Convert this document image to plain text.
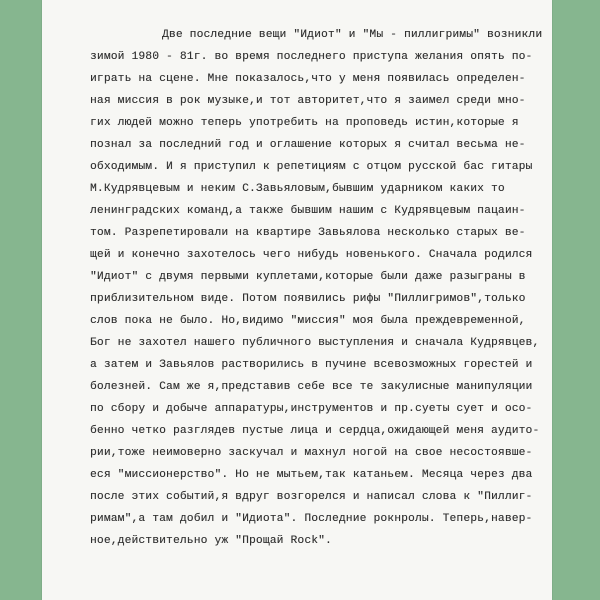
Две последние вещи "Идиот" и "Мы - пиллигримы" возникли
зимой 1980 - 81г. во время последнего приступа желания опять по-
играть на сцене. Мне показалось,что у меня появилась определен-
ная миссия в рок музыке,и тот авторитет,что я заимел среди мно-
гих людей можно теперь употребить на проповедь истин,которые я
познал за последний год и оглашение которых я считал весьма не-
обходимым. И я приступил к репетициям с отцом русской бас гитары
М.Кудрявцевым и неким С.Завьяловым,бывшим ударником каких то
ленинградских команд,а также бывшим нашим с Кудрявцевым пацаин-
том. Разрепетировали на квартире Завьялова несколько старых ве-
щей и конечно захотелось чего нибудь новенького. Сначала родился
"Идиот" с двумя первыми куплетами,которые были даже разыграны в
приблизительном виде. Потом появились рифы "Пиллигримов",только
слов пока не было. Но,видимо "миссия" моя была преждевременной,
Бог не захотел нашего публичного выступления и сначала Кудрявцев,
а затем и Завьялов растворились в пучине всевозможных горестей и
болезней. Сам же я,представив себе все те закулисные манипуляции
по сбору и добыче аппаратуры,инструментов и пр.суеты сует и осо-
бенно четко разглядев пустые лица и сердца,ожидающей меня аудито-
рии,тоже неимоверно заскучал и махнул ногой на свое несостоявше-
еся "миссионерство". Но не мытьем,так катаньем. Месяца через два
после этих событий,я вдруг возгорелся и написал слова к "Пиллиг-
римам",а там добил и "Идиота". Последние рокнролы. Теперь,навер-
ное,действительно уж "Прощай Rock".
